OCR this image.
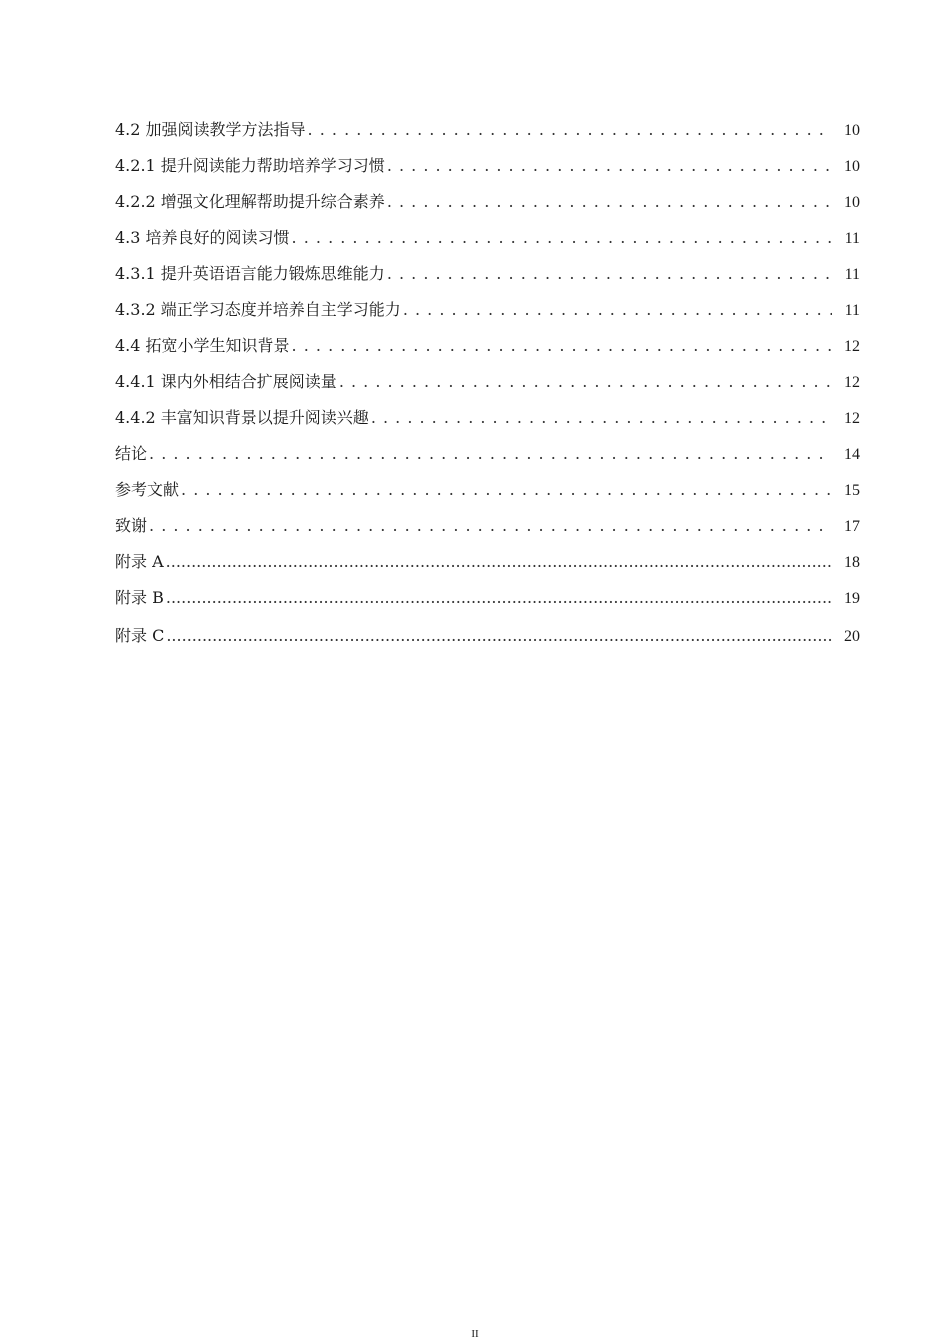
4.2 加强阅读教学方法指导 . . .	10
4.2.1 提升阅读能力帮助培养学习习惯 . . .	10
4.2.2 增强文化理解帮助提升综合素养 . . .	10
4.3 培养良好的阅读习惯 . . .	11
4.3.1 提升英语语言能力锻炼思维能力 . . .	11
4.3.2 端正学习态度并培养自主学习能力 . . .	11
4.4 拓宽小学生知识背景 . . .	12
4.4.1 课内外相结合扩展阅读量 . . .	12
4.4.2 丰富知识背景以提升阅读兴趣 . . .	12
结论 . . .	14
参考文献 . . .	15
致谢 . . .	17
附录 A .....	18
附录 B .....	19
附录 C .....	20
II
